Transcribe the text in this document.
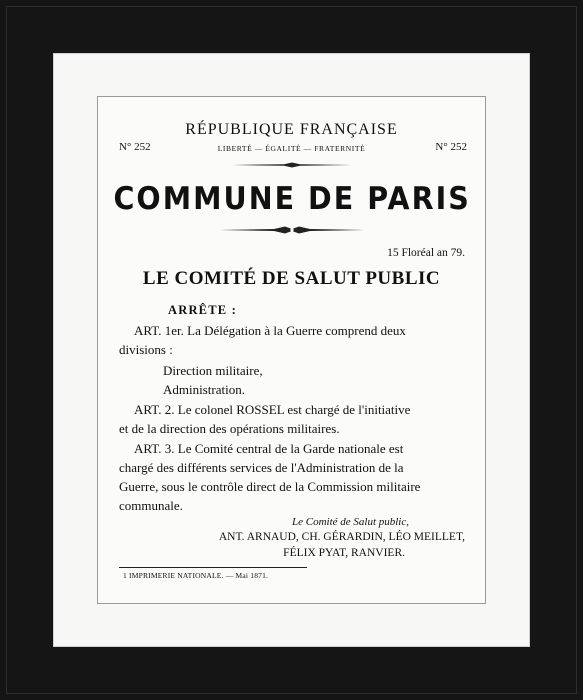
RÉPUBLIQUE FRANÇAISE
N° 252	N° 252
LIBERTÉ — ÉGALITÉ — FRATERNITÉ
COMMUNE DE PARIS
15 Floréal an 79.
LE COMITÉ DE SALUT PUBLIC
ARRÊTE :
ART. 1er. La Délégation à la Guerre comprend deux
divisions :
Direction militaire,
Administration.
ART. 2. Le colonel ROSSEL est chargé de l'initiative
et de la direction des opérations militaires.
ART. 3. Le Comité central de la Garde nationale est
chargé des différents services de l'Administration de la
Guerre, sous le contrôle direct de la Commission militaire
communale.
Le Comité de Salut public,
ANT. ARNAUD, CH. GÉRARDIN, LÉO MEILLET,
FÉLIX PYAT, RANVIER.
1 IMPRIMERIE NATIONALE. — Mai 1871.
